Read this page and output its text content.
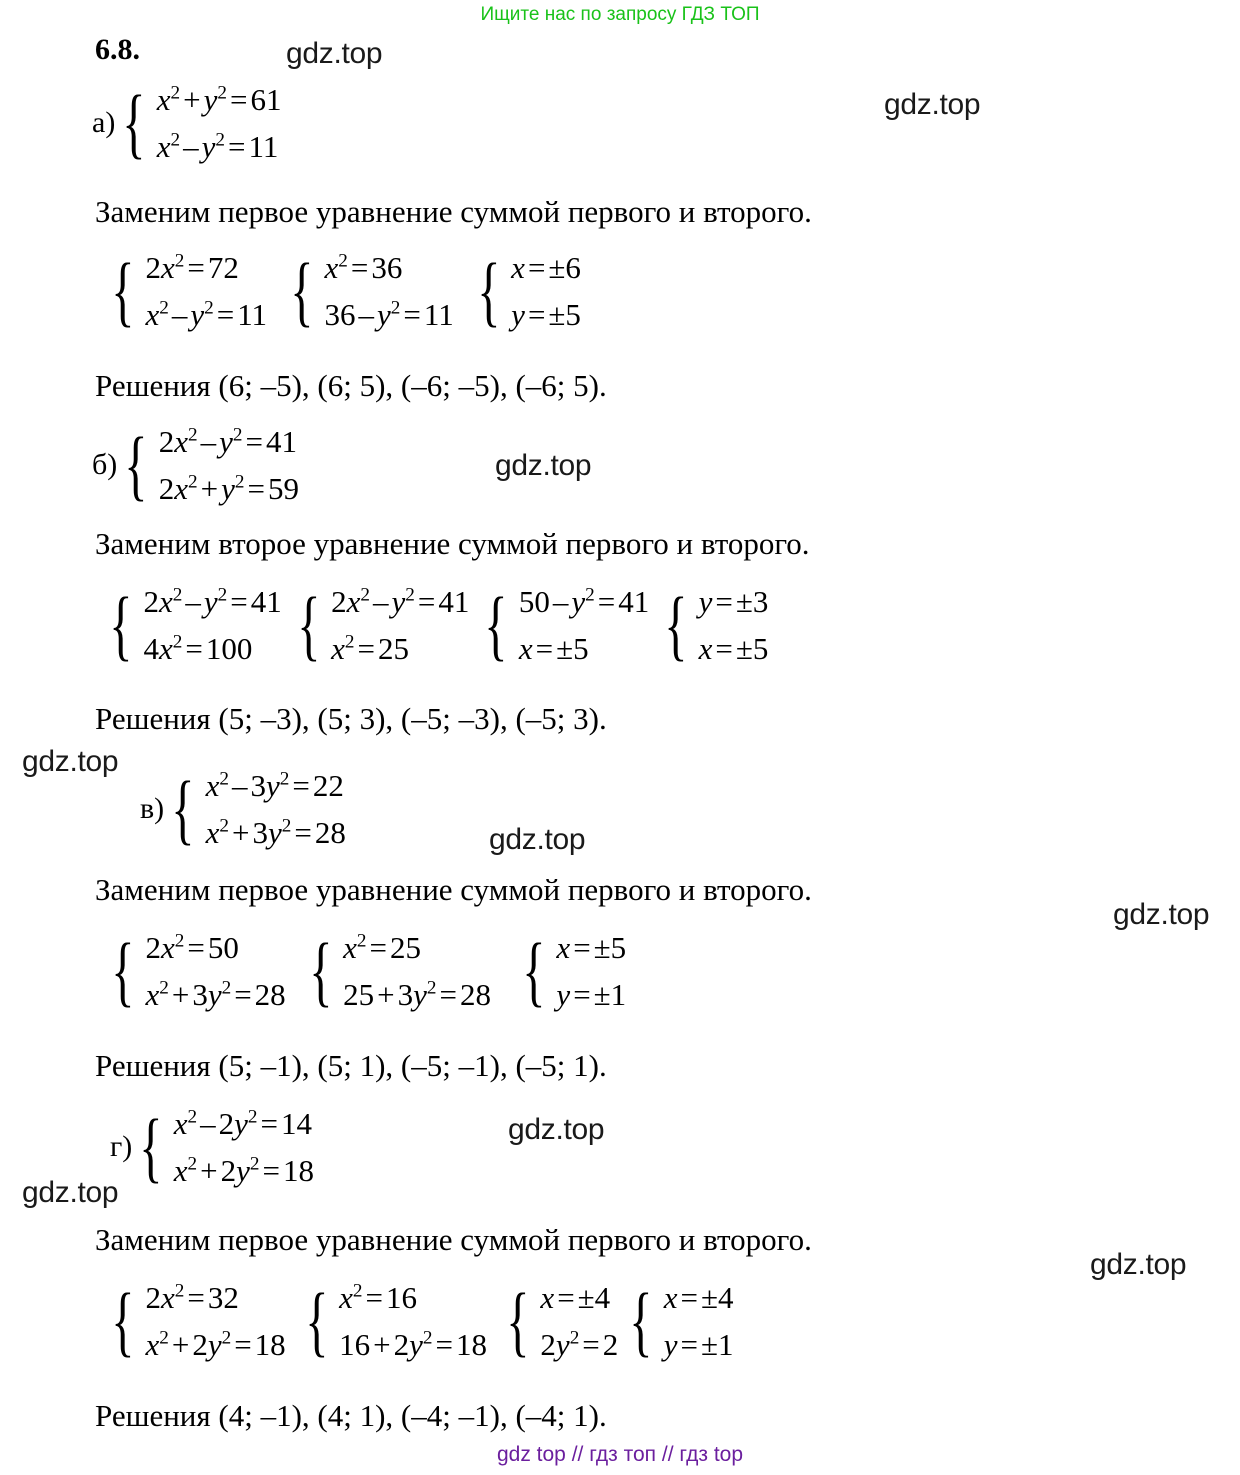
Ищите нас по запросу ГДЗ ТОП
gdz top // гдз топ // гдз top
gdz.top
gdz.top
gdz.top
gdz.top
gdz.top
gdz.top
gdz.top
gdz.top
gdz.top
6.8.
а) { $x^2+y^2=61$
$x^2-y^2=11$
Заменим первое уравнение суммой первого и второго.
{ $2x^2=72$
$x^2-y^2=11$ { $x^2=36$
$36-y^2=11$ { x=±6
y=±5
Решения (6; –5), (6; 5), (–6; –5), (–6; 5).
б) { $2x^2-y^2=41$
$2x^2+y^2=59$
Заменим второе уравнение суммой первого и второго.
{ $2x^2-y^2=41$
$4x^2=100$ { $2x^2-y^2=41$
$x^2=25$ { $50-y^2=41$
x=±5 { y=±3
x=±5
Решения (5; –3), (5; 3), (–5; –3), (–5; 3).
в) { $x^2-3y^2=22$
$x^2+3y^2=28$
Заменим первое уравнение суммой первого и второго.
{ $2x^2=50$
$x^2+3y^2=28$ { $x^2=25$
$25+3y^2=28$ { x=±5
y=±1
Решения (5; –1), (5; 1), (–5; –1), (–5; 1).
г) { $x^2-2y^2=14$
$x^2+2y^2=18$
Заменим первое уравнение суммой первого и второго.
{ $2x^2=32$
$x^2+2y^2=18$ { $x^2=16$
$16+2y^2=18$ { x=±4
$2y^2=2$ { x=±4
y=±1
Решения (4; –1), (4; 1), (–4; –1), (–4; 1).
